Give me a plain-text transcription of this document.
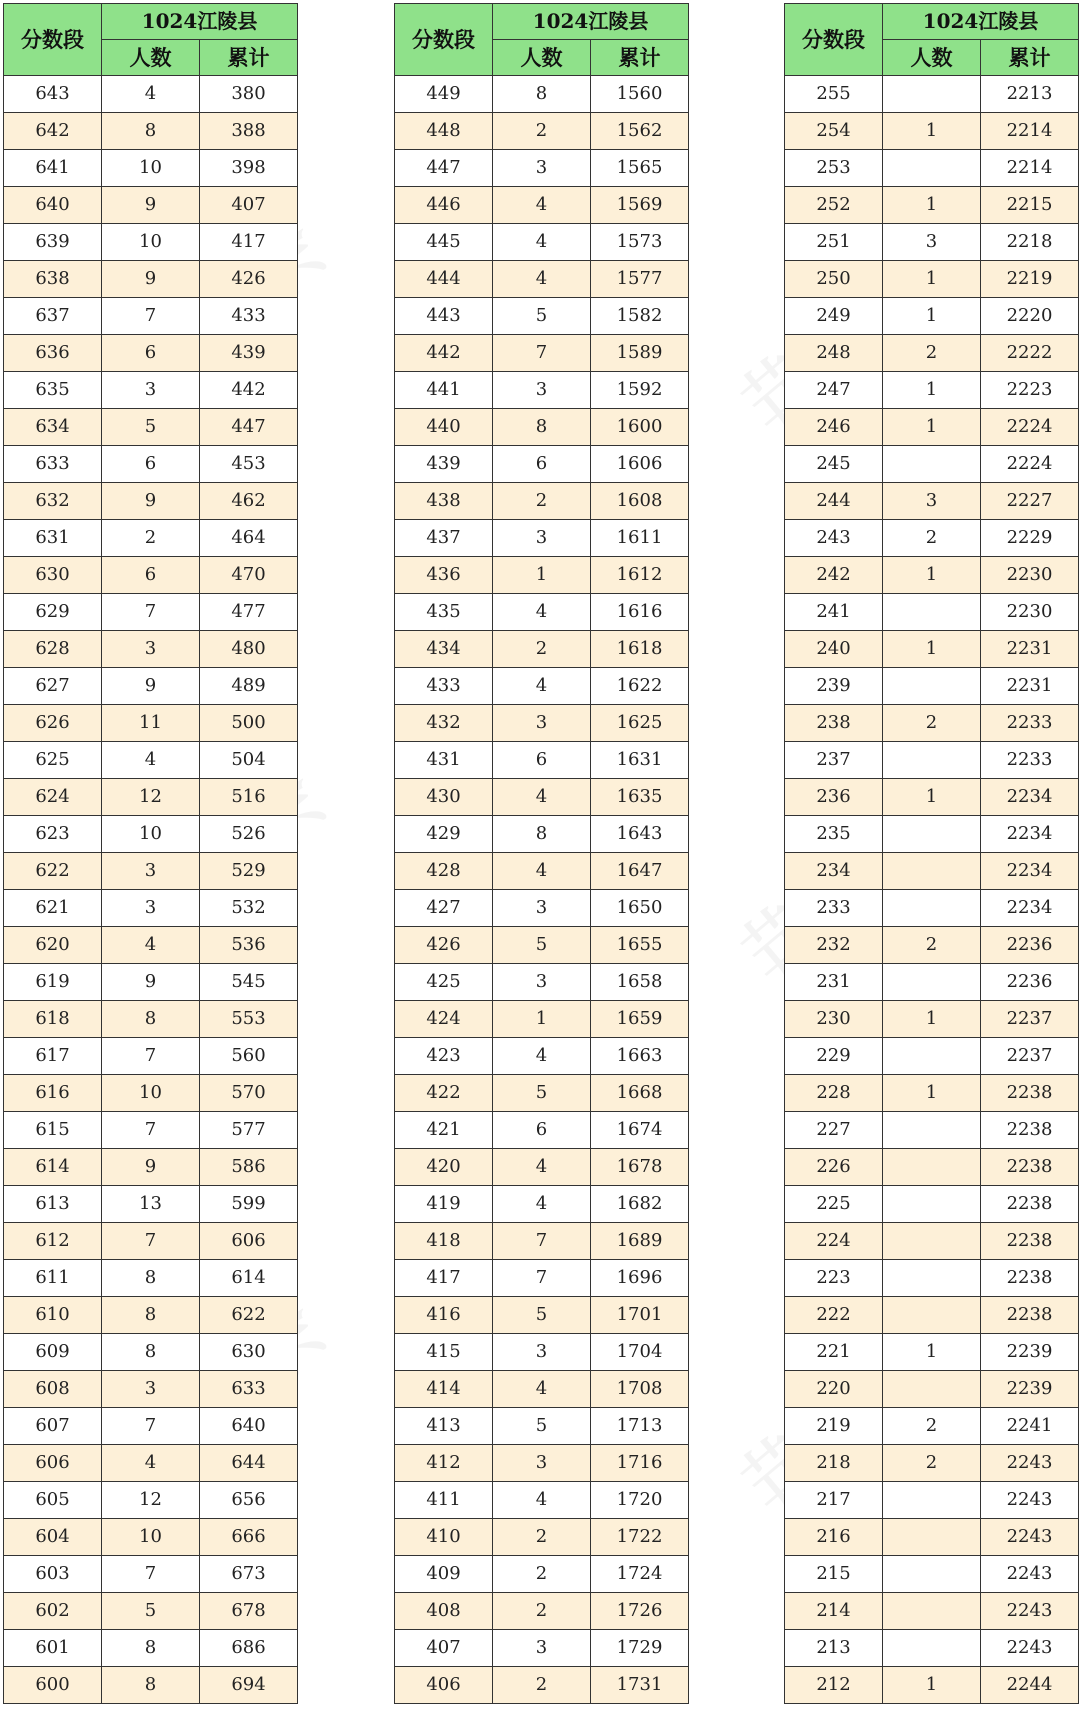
分数段	1024江陵县	
	人数	累计
643	4	380
642	8	388
641	10	398
640	9	407
639	10	417
638	9	426
637	7	433
636	6	439
635	3	442
634	5	447
633	6	453
632	9	462
631	2	464
630	6	470
629	7	477
628	3	480
627	9	489
626	11	500
625	4	504
624	12	516
623	10	526
622	3	529
621	3	532
620	4	536
619	9	545
618	8	553
617	7	560
616	10	570
615	7	577
614	9	586
613	13	599
612	7	606
611	8	614
610	8	622
609	8	630
608	3	633
607	7	640
606	4	644
605	12	656
604	10	666
603	7	673
602	5	678
601	8	686
600	8	694
分数段	1024江陵县	
	人数	累计
449	8	1560
448	2	1562
447	3	1565
446	4	1569
445	4	1573
444	4	1577
443	5	1582
442	7	1589
441	3	1592
440	8	1600
439	6	1606
438	2	1608
437	3	1611
436	1	1612
435	4	1616
434	2	1618
433	4	1622
432	3	1625
431	6	1631
430	4	1635
429	8	1643
428	4	1647
427	3	1650
426	5	1655
425	3	1658
424	1	1659
423	4	1663
422	5	1668
421	6	1674
420	4	1678
419	4	1682
418	7	1689
417	7	1696
416	5	1701
415	3	1704
414	4	1708
413	5	1713
412	3	1716
411	4	1720
410	2	1722
409	2	1724
408	2	1726
407	3	1729
406	2	1731
分数段	1024江陵县	
	人数	累计
255		2213
254	1	2214
253		2214
252	1	2215
251	3	2218
250	1	2219
249	1	2220
248	2	2222
247	1	2223
246	1	2224
245		2224
244	3	2227
243	2	2229
242	1	2230
241		2230
240	1	2231
239		2231
238	2	2233
237		2233
236	1	2234
235		2234
234		2234
233		2234
232	2	2236
231		2236
230	1	2237
229		2237
228	1	2238
227		2238
226		2238
225		2238
224		2238
223		2238
222		2238
221	1	2239
220		2239
219	2	2241
218	2	2243
217		2243
216		2243
215		2243
214		2243
213		2243
212	1	2244
